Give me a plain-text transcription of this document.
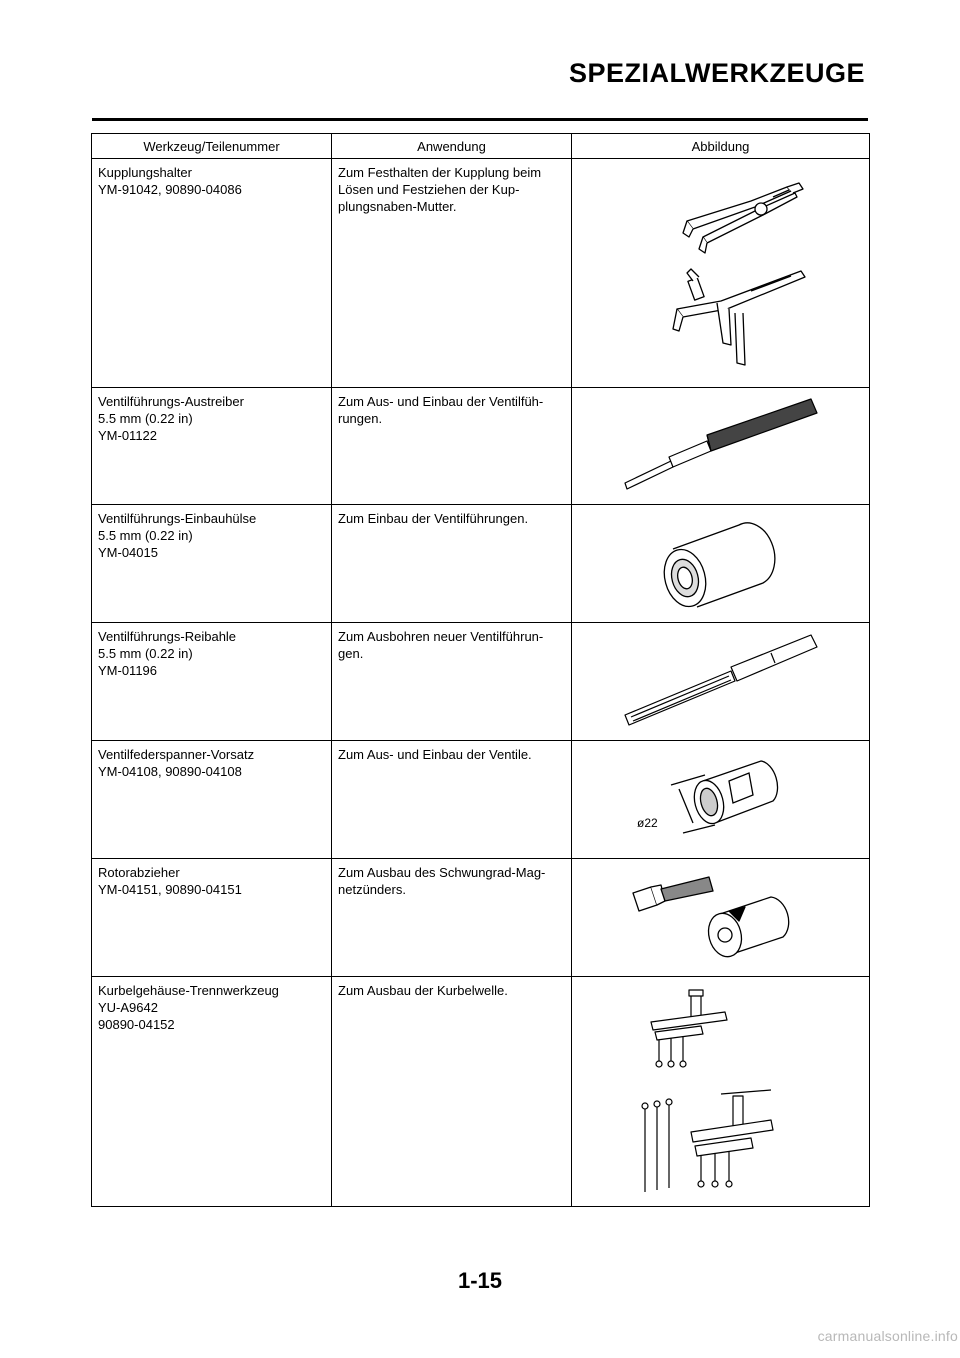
SPEZIALWERKZEUGE
Werkzeug/Teilenummer	Anwendung	Abbildung

Kupplungshalter
YM-91042, 90890-04086	Zum Festhalten der Kupplung beim
Lösen und Festziehen der Kup-
plungsnaben-Mutter.

Ventilführungs-Austreiber
5.5 mm (0.22 in)
YM-01122	Zum Aus- und Einbau der Ventilfüh-
rungen.

Ventilführungs-Einbauhülse
5.5 mm (0.22 in)
YM-04015	Zum Einbau der Ventilführungen.

Ventilführungs-Reibahle
5.5 mm (0.22 in)
YM-01196	Zum Ausbohren neuer Ventilführun-
gen.

Ventilfederspanner-Vorsatz
YM-04108, 90890-04108	Zum Aus- und Einbau der Ventile.	ø22

Rotorabzieher
YM-04151, 90890-04151	Zum Ausbau des Schwungrad-Mag-
netzünders.

Kurbelgehäuse-Trennwerkzeug
YU-A9642
90890-04152	Zum Ausbau der Kurbelwelle.

1-15
carmanualsonline.info
